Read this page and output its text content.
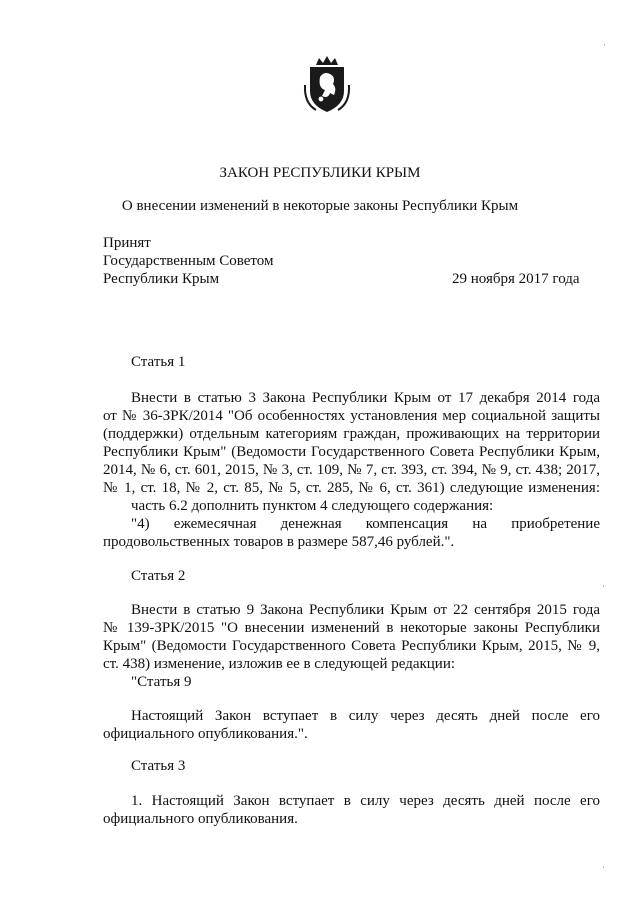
ЗАКОН РЕСПУБЛИКИ КРЫМ
О внесении изменений в некоторые законы Республики Крым
Принят
Государственным Советом
Республики Крым	29 ноября 2017 года
Статья 1
Внести в статью 3 Закона Республики Крым от 17 декабря 2014 года
от № 36-ЗРК/2014 "Об особенностях установления мер социальной защиты
(поддержки) отдельным категориям граждан, проживающих на территории
Республики Крым" (Ведомости Государственного Совета Республики Крым,
2014, № 6, ст. 601, 2015, № 3, ст. 109, № 7, ст. 393, ст. 394, № 9, ст. 438; 2017,
№ 1, ст. 18, № 2, ст. 85, № 5, ст. 285, № 6, ст. 361) следующие изменения:
часть 6.2 дополнить пунктом 4 следующего содержания:
"4) ежемесячная денежная компенсация на приобретение
продовольственных товаров в размере 587,46 рублей.".
Статья 2
Внести в статью 9 Закона Республики Крым от 22 сентября 2015 года
№ 139-ЗРК/2015 "О внесении изменений в некоторые законы Республики
Крым" (Ведомости Государственного Совета Республики Крым, 2015, № 9,
ст. 438) изменение, изложив ее в следующей редакции:
"Статья 9
Настоящий Закон вступает в силу через десять дней после его
официального опубликования.".
Статья 3
1. Настоящий Закон вступает в силу через десять дней после его
официального опубликования.
